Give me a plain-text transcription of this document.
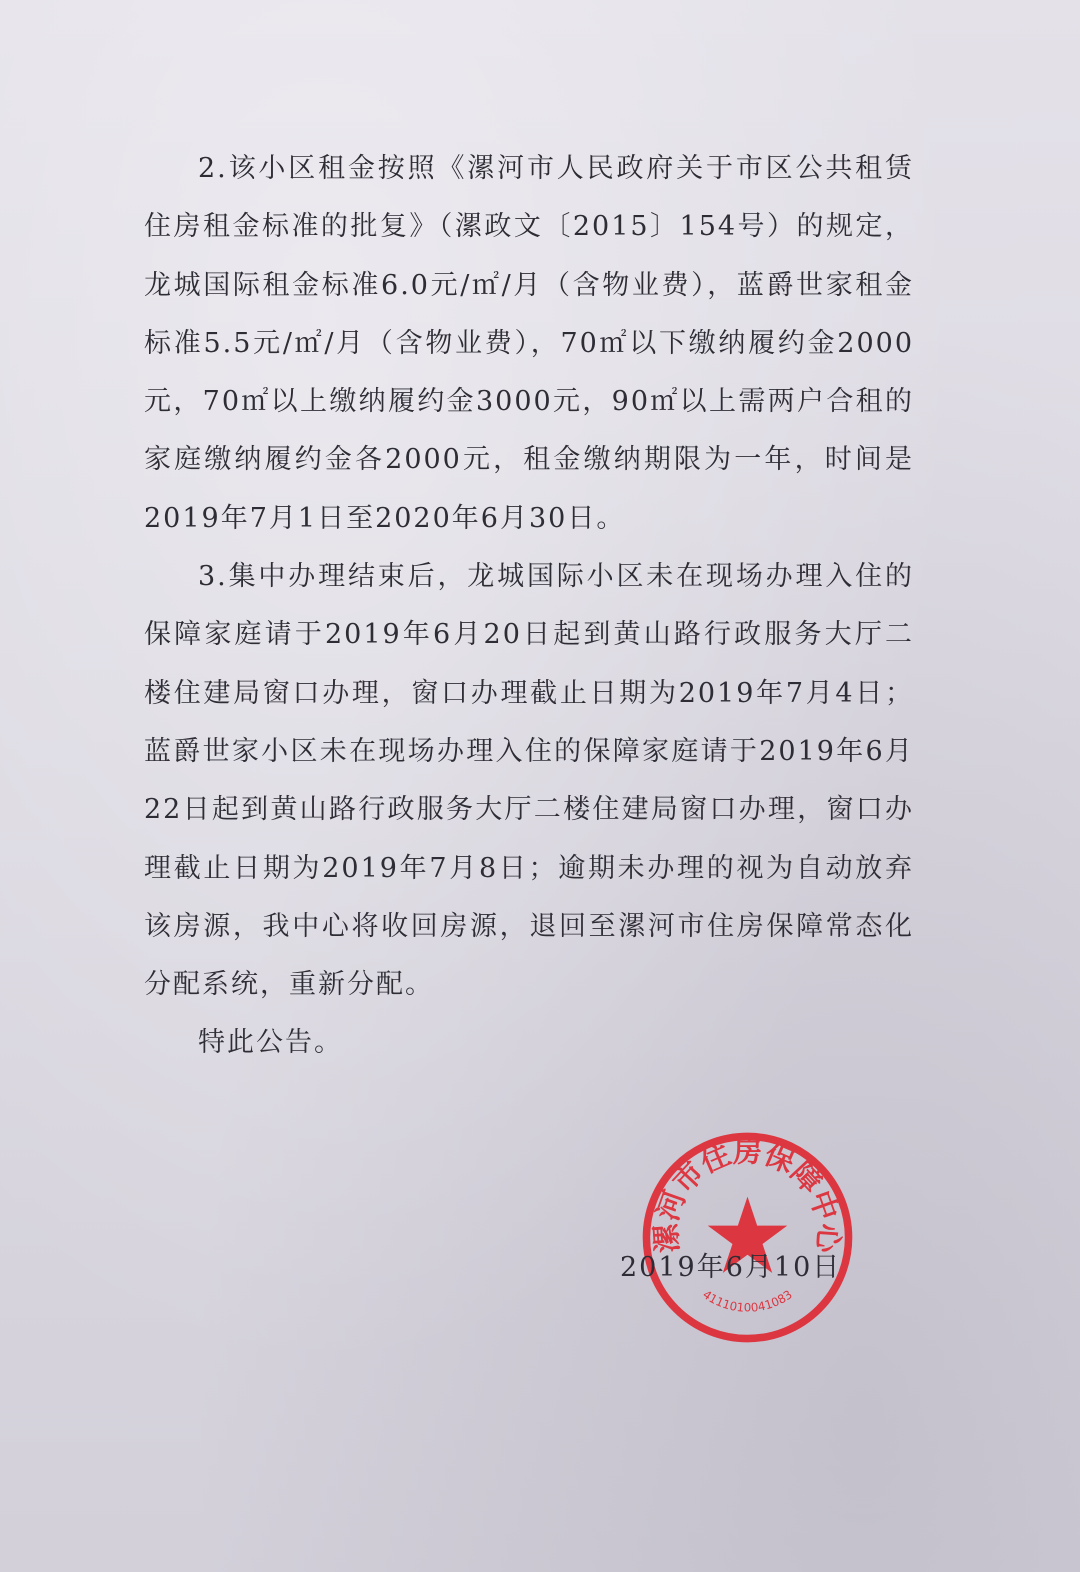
2.该小区租金按照《漯河市人民政府关于市区公共租赁住房租金标准的批复》（漯政文〔2015〕154号）的规定，龙城国际租金标准6.0元/㎡/月（含物业费），蓝爵世家租金标准5.5元/㎡/月（含物业费），70㎡以下缴纳履约金2000元，70㎡以上缴纳履约金3000元，90㎡以上需两户合租的家庭缴纳履约金各2000元，租金缴纳期限为一年，时间是2019年7月1日至2020年6月30日。

3.集中办理结束后，龙城国际小区未在现场办理入住的保障家庭请于2019年6月20日起到黄山路行政服务大厅二楼住建局窗口办理，窗口办理截止日期为2019年7月4日；蓝爵世家小区未在现场办理入住的保障家庭请于2019年6月22日起到黄山路行政服务大厅二楼住建局窗口办理，窗口办理截止日期为2019年7月8日；逾期未办理的视为自动放弃该房源，我中心将收回房源，退回至漯河市住房保障常态化分配系统，重新分配。

特此公告。

漯河市住房保障中心
4111010041083
2019年6月10日
